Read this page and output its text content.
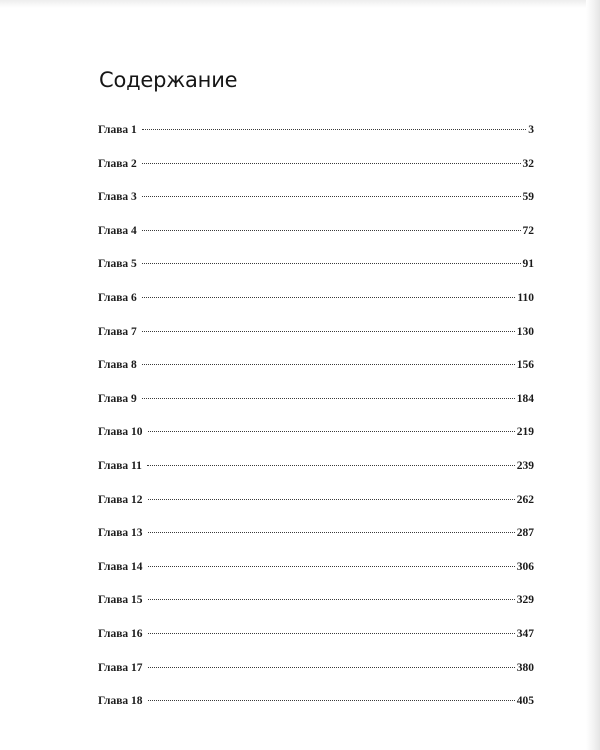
Содержание
Глава 1	3
Глава 2	32
Глава 3	59
Глава 4	72
Глава 5	91
Глава 6	110
Глава 7	130
Глава 8	156
Глава 9	184
Глава 10	219
Глава 11	239
Глава 12	262
Глава 13	287
Глава 14	306
Глава 15	329
Глава 16	347
Глава 17	380
Глава 18	405
